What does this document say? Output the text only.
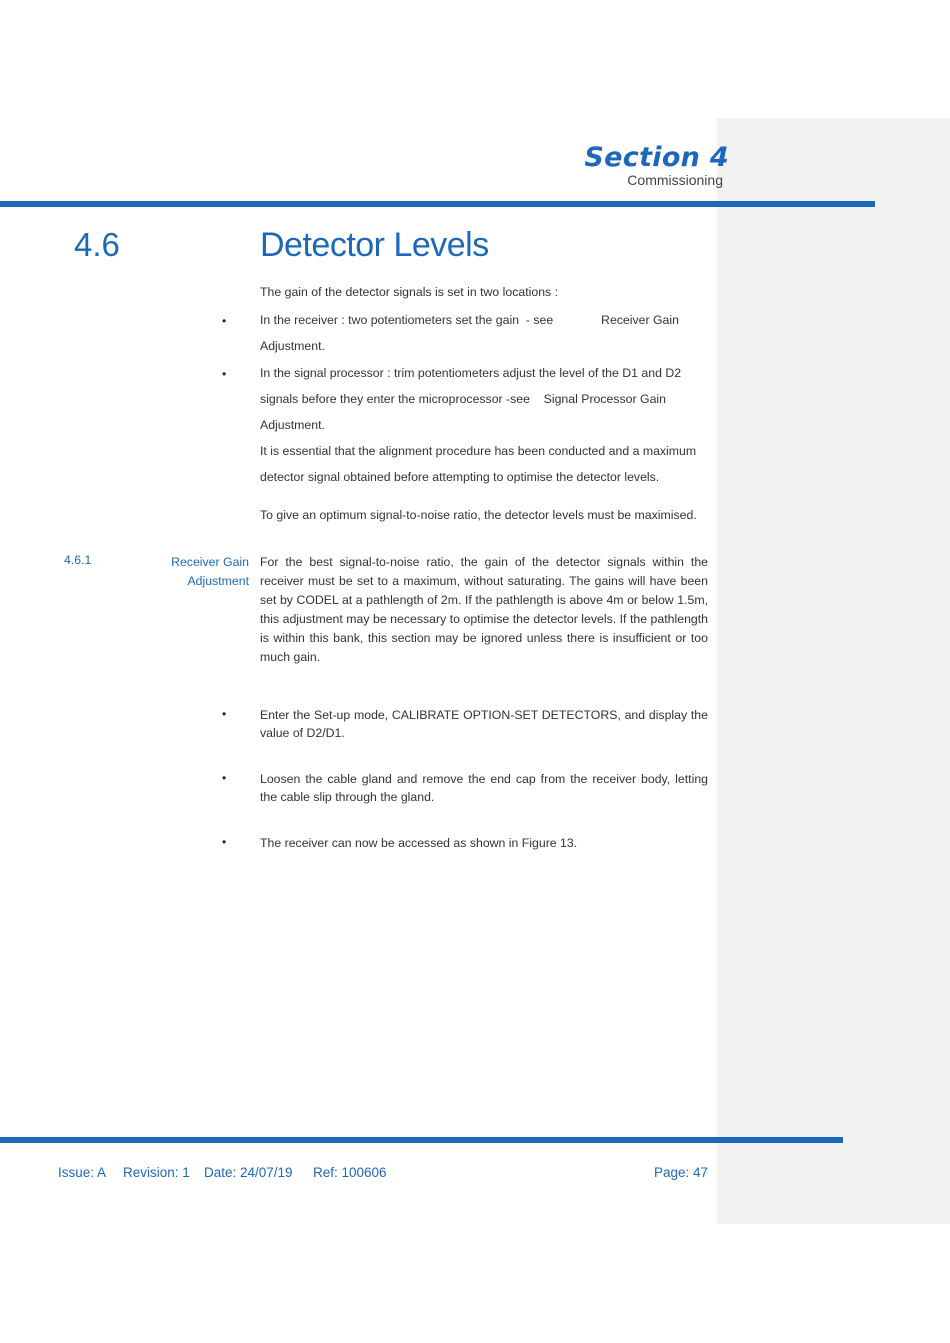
Section 4
Commissioning
4.6	Detector Levels
The gain of the detector signals is set in two locations :
•	In the receiver : two potentiometers set the gain  - see              Receiver Gain
Adjustment.
•	In the signal processor : trim potentiometers adjust the level of the D1 and D2
signals before they enter the microprocessor -see    Signal Processor Gain
Adjustment.
It is essential that the alignment procedure has been conducted and a maximum detector signal obtained before attempting to optimise the detector levels.
To give an optimum signal-to-noise ratio, the detector levels must be maximised.
4.6.1	Receiver Gain Adjustment
For the best signal-to-noise ratio, the gain of the detector signals within the receiver must be set to a maximum, without saturating. The gains will have been set by CODEL at a pathlength of 2m. If the pathlength is above 4m or below 1.5m, this adjustment may be necessary to optimise the detector levels. If the pathlength is within this bank, this section may be ignored unless there is insufficient or too much gain.
•	Enter the Set-up mode, CALIBRATE OPTION-SET DETECTORS, and display the value of D2/D1.
•	Loosen the cable gland and remove the end cap from the receiver body, letting the cable slip through the gland.
•	The receiver can now be accessed as shown in Figure 13.
Issue: A Revision: 1 Date: 24/07/19 Ref: 100606	Page: 47
